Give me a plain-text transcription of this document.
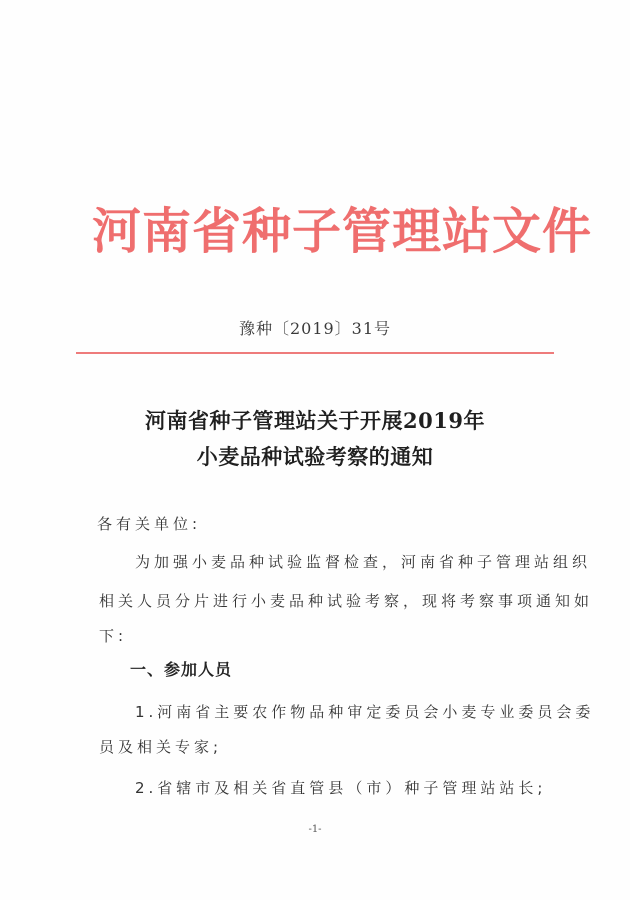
河南省种子管理站文件
豫种〔2019〕31号
河南省种子管理站关于开展2019年
小麦品种试验考察的通知
各有关单位:
为加强小麦品种试验监督检查，河南省种子管理站组织
相关人员分片进行小麦品种试验考察，现将考察事项通知如
下:
一、参加人员
1.河南省主要农作物品种审定委员会小麦专业委员会委
员及相关专家;
2.省辖市及相关省直管县（市）种子管理站站长;
-1-
